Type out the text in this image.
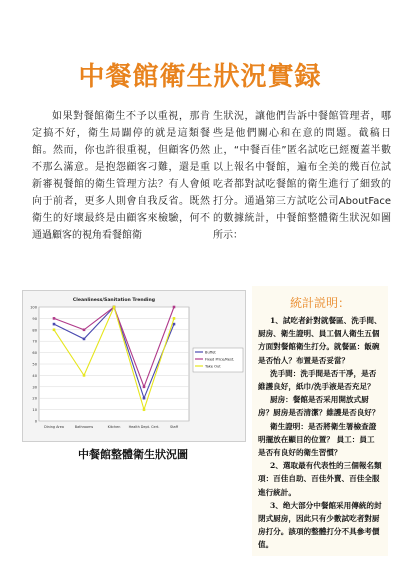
中餐館衛生狀況實録
如果對餐館衛生不予以重視，那肯定搞不好，衛生局闢停的就是這類餐館。然而，你也許很重視，但顧客仍然不那么滿意。是抱怨顧客刁難，還是重新審視餐館的衛生管理方法？有人會傾向于前者，更多人則會自我反省。既然衛生的好壞最終是由顧客來檢驗，何不通過顧客的視角看餐館衛
生狀況，讓他們告訴中餐館管理者，哪些是他們關心和在意的問題。截稿日止，“中餐百佳”匿名試吃已經覆蓋半數以上報名中餐館，遍布全美的幾百位試吃者都對試吃餐館的衛生進行了細致的打分。通過第三方試吃公司AboutFace的數據統計，中餐館整體衛生狀況如圖所示：
Cleanliness/Sanitation Trending
0
10
20
30
40
50
60
70
80
90
100
Dining Area	Bathrooms	Kitchen Health Dept. Cert.	Staff
Buffet
Fixed Price/Rest.
Take Out
中餐館整體衛生狀況圖
統計説明：

1、試吃者針對就餐區、洗手間、厨房、衛生證明、員工個人衛生五個方面對餐館衛生打分。就餐區：飯碗是否怡人？布置是否妥當？

洗手間：洗手間是否干凈，是否維護良好，紙巾/洗手液是否充足？

厨房：餐館是否采用開放式厨房？厨房是否清潔？維護是否良好？

衛生證明：是否將衛生署檢查證明擺放在顯目的位置？ 員工：員工是否有良好的衛生習慣？

2、選取最有代表性的三個報名類項：百佳自助、百佳外賣、百佳全服進行統計。

3、绝大部分中餐館采用傳統的封閉式厨房，因此只有少數試吃者對厨房打分。該項的整體打分不具參考價值。
